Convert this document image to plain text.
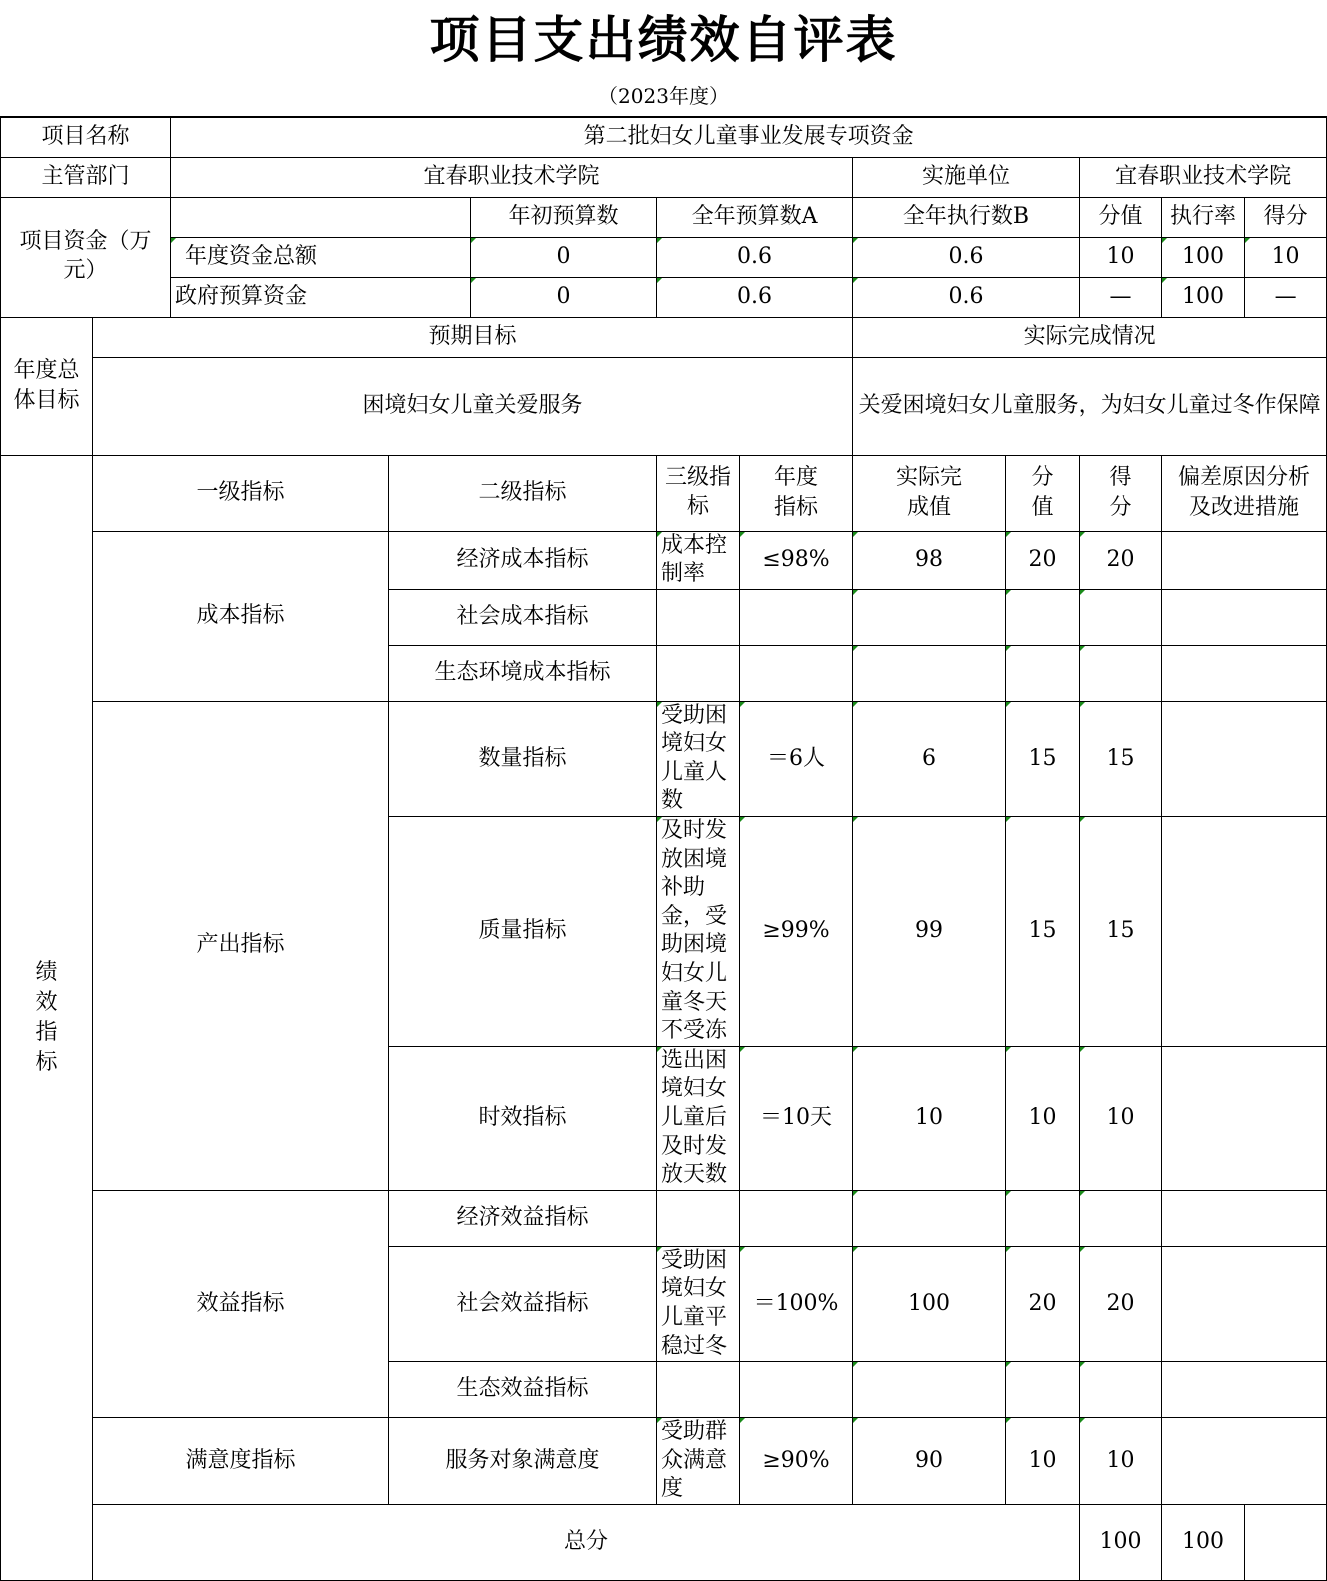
项目支出绩效自评表
（2023年度）
项目名称		第二批妇女儿童事业发展专项资金									
主管部门		宜春职业技术学院					实施单位		宜春职业技术学院		
项目资金（万元）				年初预算数	全年预算数A		全年执行数B		分值	执行率	得分
		年度资金总额		0	0.6		0.6		10	100	10
		政府预算资金		0	0.6		0.6		—	100	—
年度总体目标	预期目标						实际完成情况				
	困境妇女儿童关爱服务						关爱困境妇女儿童服务，为妇女儿童过冬作保障				
绩效指标	一级指标		二级指标		三级指标	年度指标	实际完成值	分值	得分	偏差原因分析及改进措施	
	成本指标		经济成本指标		成本控制率	≤98%	98	20	20		
			社会成本指标								
			生态环境成本指标								
	产出指标		数量指标		受助困境妇女儿童人数	＝6人	6	15	15		
			质量指标		及时发放困境补助金，受助困境妇女儿童冬天不受冻	≥99%	99	15	15		
			时效指标		选出困境妇女儿童后及时发放天数	＝10天	10	10	10		
	效益指标		经济效益指标								
			社会效益指标		受助困境妇女儿童平稳过冬	＝100%	100	20	20		
			生态效益指标								
	满意度指标		服务对象满意度		受助群众满意度	≥90%	90	10	10		
	总分								100	100	
